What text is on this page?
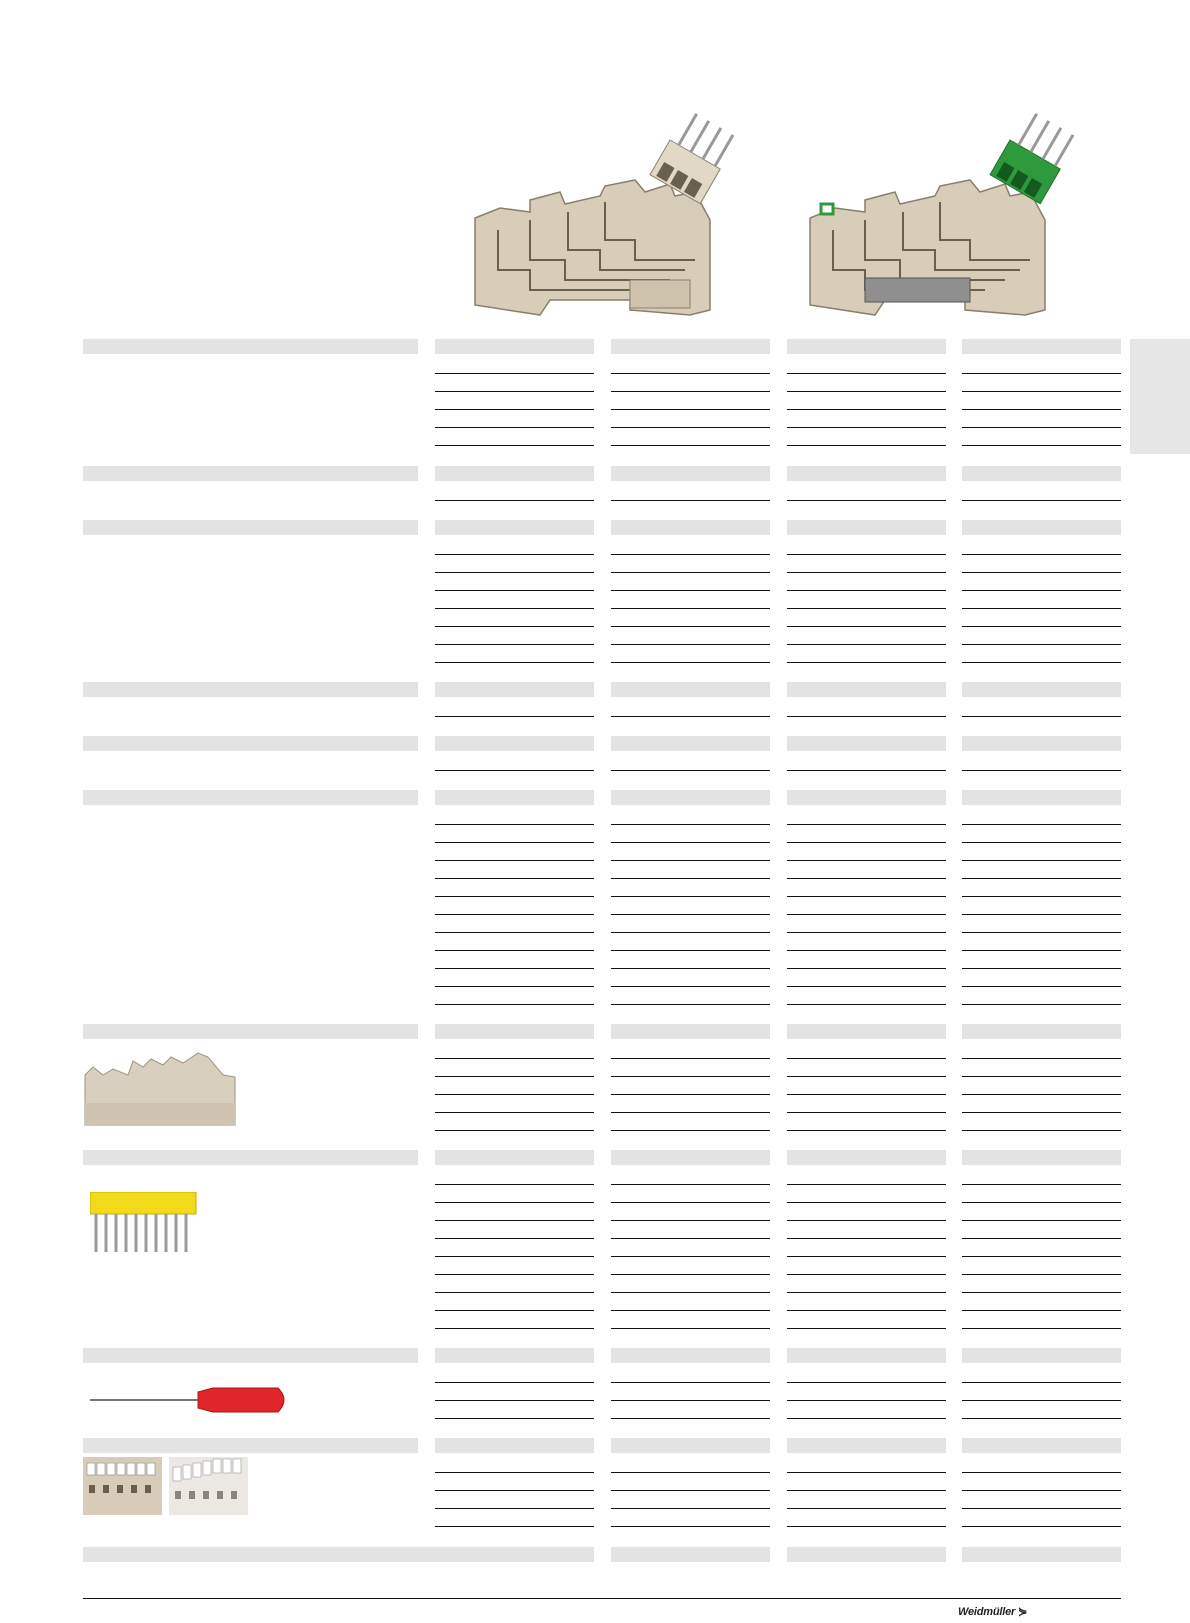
Weidmüller ⋟
